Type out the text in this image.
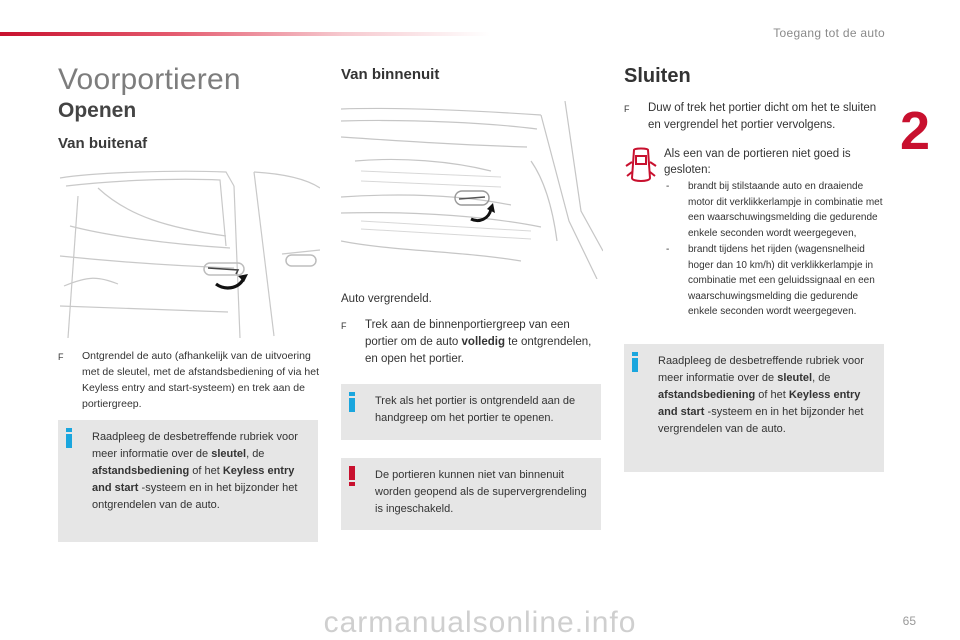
Toegang tot de auto
2
Voorportieren
Openen
Van buitenaf
F	Ontgrendel de auto (afhankelijk van de uitvoering met de sleutel, met de afstandsbediening of via het Keyless entry and start-systeem) en trek aan de portiergreep.
Raadpleeg de desbetreffende rubriek voor meer informatie over de sleutel, de afstandsbediening of het Keyless entry and start -systeem en in het bijzonder het ontgrendelen van de auto.
Van binnenuit
Auto vergrendeld.
F	Trek aan de binnenportiergreep van een portier om de auto volledig te ontgrendelen, en open het portier.
Trek als het portier is ontgrendeld aan de handgreep om het portier te openen.
De portieren kunnen niet van binnenuit worden geopend als de supervergrendeling is ingeschakeld.
Sluiten
F	Duw of trek het portier dicht om het te sluiten en vergrendel het portier vervolgens.
Als een van de portieren niet goed is gesloten:
-	brandt bij stilstaande auto en draaiende motor dit verklikkerlampje in combinatie met een waarschuwingsmelding die gedurende enkele seconden wordt weergegeven,
-	brandt tijdens het rijden (wagensnelheid hoger dan 10 km/h) dit verklikkerlampje in combinatie met een geluidssignaal en een waarschuwingsmelding die gedurende enkele seconden wordt weergegeven.
Raadpleeg de desbetreffende rubriek voor meer informatie over de sleutel, de afstandsbediening of het Keyless entry and start -systeem en in het bijzonder het vergrendelen van de auto.
carmanualsonline.info	65
